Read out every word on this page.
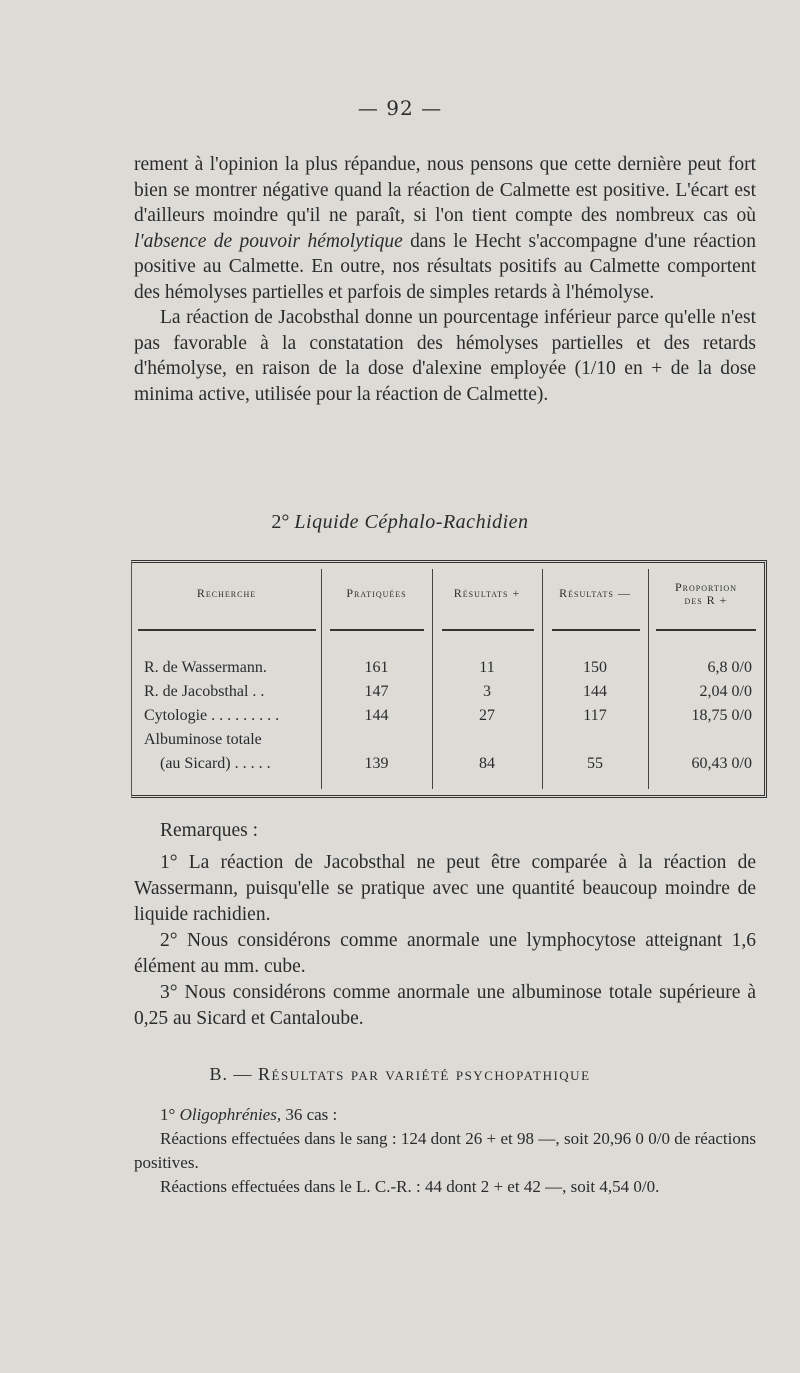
— 92 —

rement à l'opinion la plus répandue, nous pensons que cette dernière peut fort bien se montrer négative quand la réaction de Calmette est positive. L'écart est d'ailleurs moindre qu'il ne paraît, si l'on tient compte des nombreux cas où l'absence de pouvoir hémolytique dans le Hecht s'accompagne d'une réaction positive au Calmette. En outre, nos résultats positifs au Calmette comportent des hémolyses partielles et parfois de simples retards à l'hémolyse.

La réaction de Jacobsthal donne un pourcentage inférieur parce qu'elle n'est pas favorable à la constatation des hémolyses partielles et des retards d'hémolyse, en raison de la dose d'alexine employée (1/10 en + de la dose minima active, utilisée pour la réaction de Calmette).

2° Liquide Céphalo-Rachidien
Recherche	Pratiquées	Résultats +	Résultats —	Proportion
des R +
R. de Wassermann.	161	11	150	6,8 0/0
R. de Jacobsthal . .	147	3	144	2,04 0/0
Cytologie . . . . . . . . .	144	27	117	18,75 0/0
Albuminose totale
(au Sicard) . . . . .	139	84	55	60,43 0/0
Remarques :

1° La réaction de Jacobsthal ne peut être comparée à la réaction de Wassermann, puisqu'elle se pratique avec une quantité beaucoup moindre de liquide rachidien.

2° Nous considérons comme anormale une lymphocytose atteignant 1,6 élément au mm. cube.

3° Nous considérons comme anormale une albuminose totale supérieure à 0,25 au Sicard et Cantaloube.

B. — Résultats par variété psychopathique

1° Oligophrénies, 36 cas :

Réactions effectuées dans le sang : 124 dont 26 + et 98 —, soit 20,96 0 0/0 de réactions positives.

Réactions effectuées dans le L. C.-R. : 44 dont 2 + et 42 —, soit 4,54 0/0.
